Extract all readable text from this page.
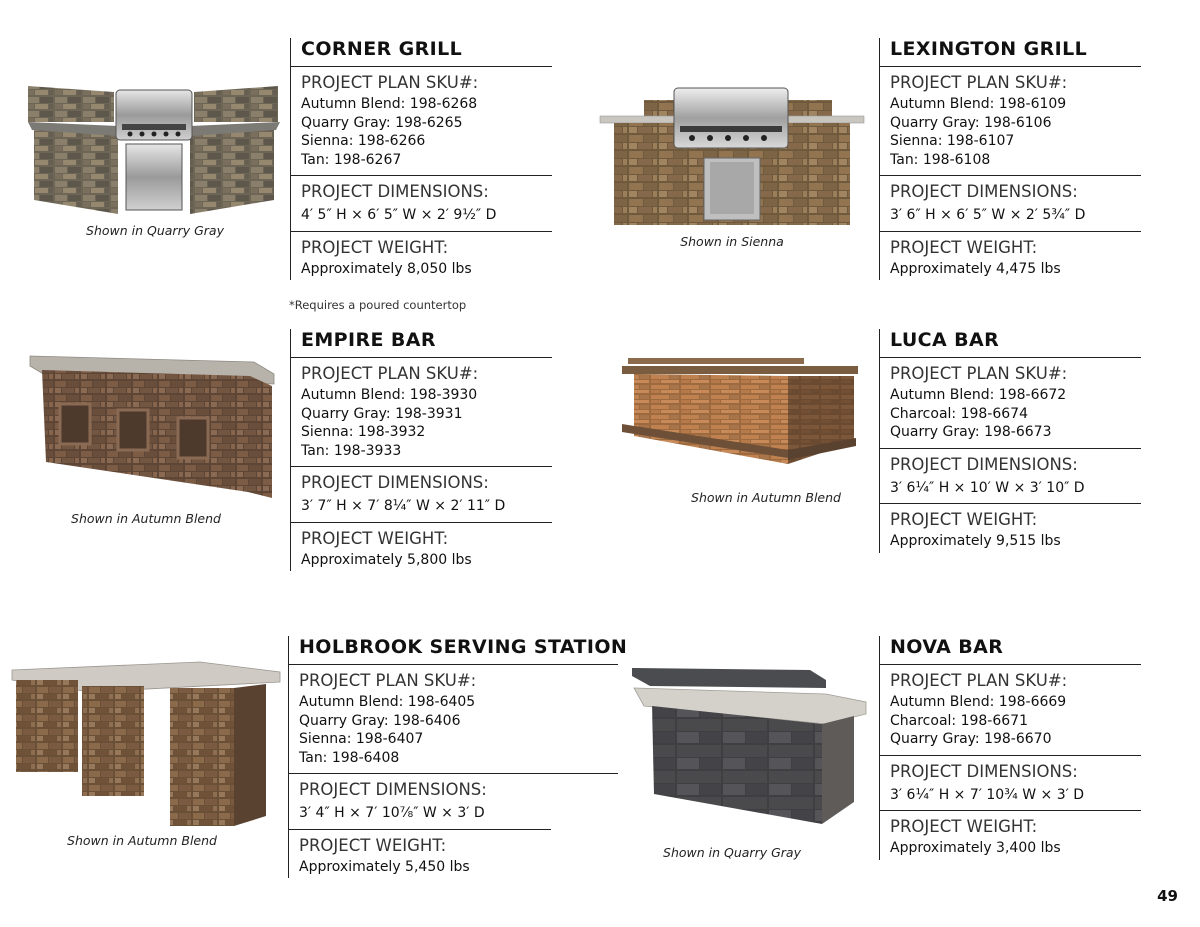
Shown in Quarry Gray
CORNER GRILL
PROJECT PLAN SKU#:
Autumn Blend: 198-6268
Quarry Gray: 198-6265
Sienna: 198-6266
Tan: 198-6267
PROJECT DIMENSIONS:
4′ 5″ H × 6′ 5″ W × 2′ 9½″ D
PROJECT WEIGHT:
Approximately 8,050 lbs
*Requires a poured countertop
Shown in Sienna
LEXINGTON GRILL
PROJECT PLAN SKU#:
Autumn Blend: 198-6109
Quarry Gray: 198-6106
Sienna: 198-6107
Tan: 198-6108
PROJECT DIMENSIONS:
3′ 6″ H × 6′ 5″ W × 2′ 5¾″ D
PROJECT WEIGHT:
Approximately 4,475 lbs
Shown in Autumn Blend
EMPIRE BAR
PROJECT PLAN SKU#:
Autumn Blend: 198-3930
Quarry Gray: 198-3931
Sienna: 198-3932
Tan: 198-3933
PROJECT DIMENSIONS:
3′ 7″ H × 7′ 8¼″ W × 2′ 11″ D
PROJECT WEIGHT:
Approximately 5,800 lbs
Shown in Autumn Blend
LUCA BAR
PROJECT PLAN SKU#:
Autumn Blend: 198-6672
Charcoal: 198-6674
Quarry Gray: 198-6673
PROJECT DIMENSIONS:
3′ 6¼″ H × 10′ W × 3′ 10″ D
PROJECT WEIGHT:
Approximately 9,515 lbs
Shown in Autumn Blend
HOLBROOK SERVING STATION
PROJECT PLAN SKU#:
Autumn Blend: 198-6405
Quarry Gray: 198-6406
Sienna: 198-6407
Tan: 198-6408
PROJECT DIMENSIONS:
3′ 4″ H × 7′ 10⅞″ W × 3′ D
PROJECT WEIGHT:
Approximately 5,450 lbs
Shown in Quarry Gray
NOVA BAR
PROJECT PLAN SKU#:
Autumn Blend: 198-6669
Charcoal: 198-6671
Quarry Gray: 198-6670
PROJECT DIMENSIONS:
3′ 6¼″ H × 7′ 10¾ W × 3′ D
PROJECT WEIGHT:
Approximately 3,400 lbs
49
